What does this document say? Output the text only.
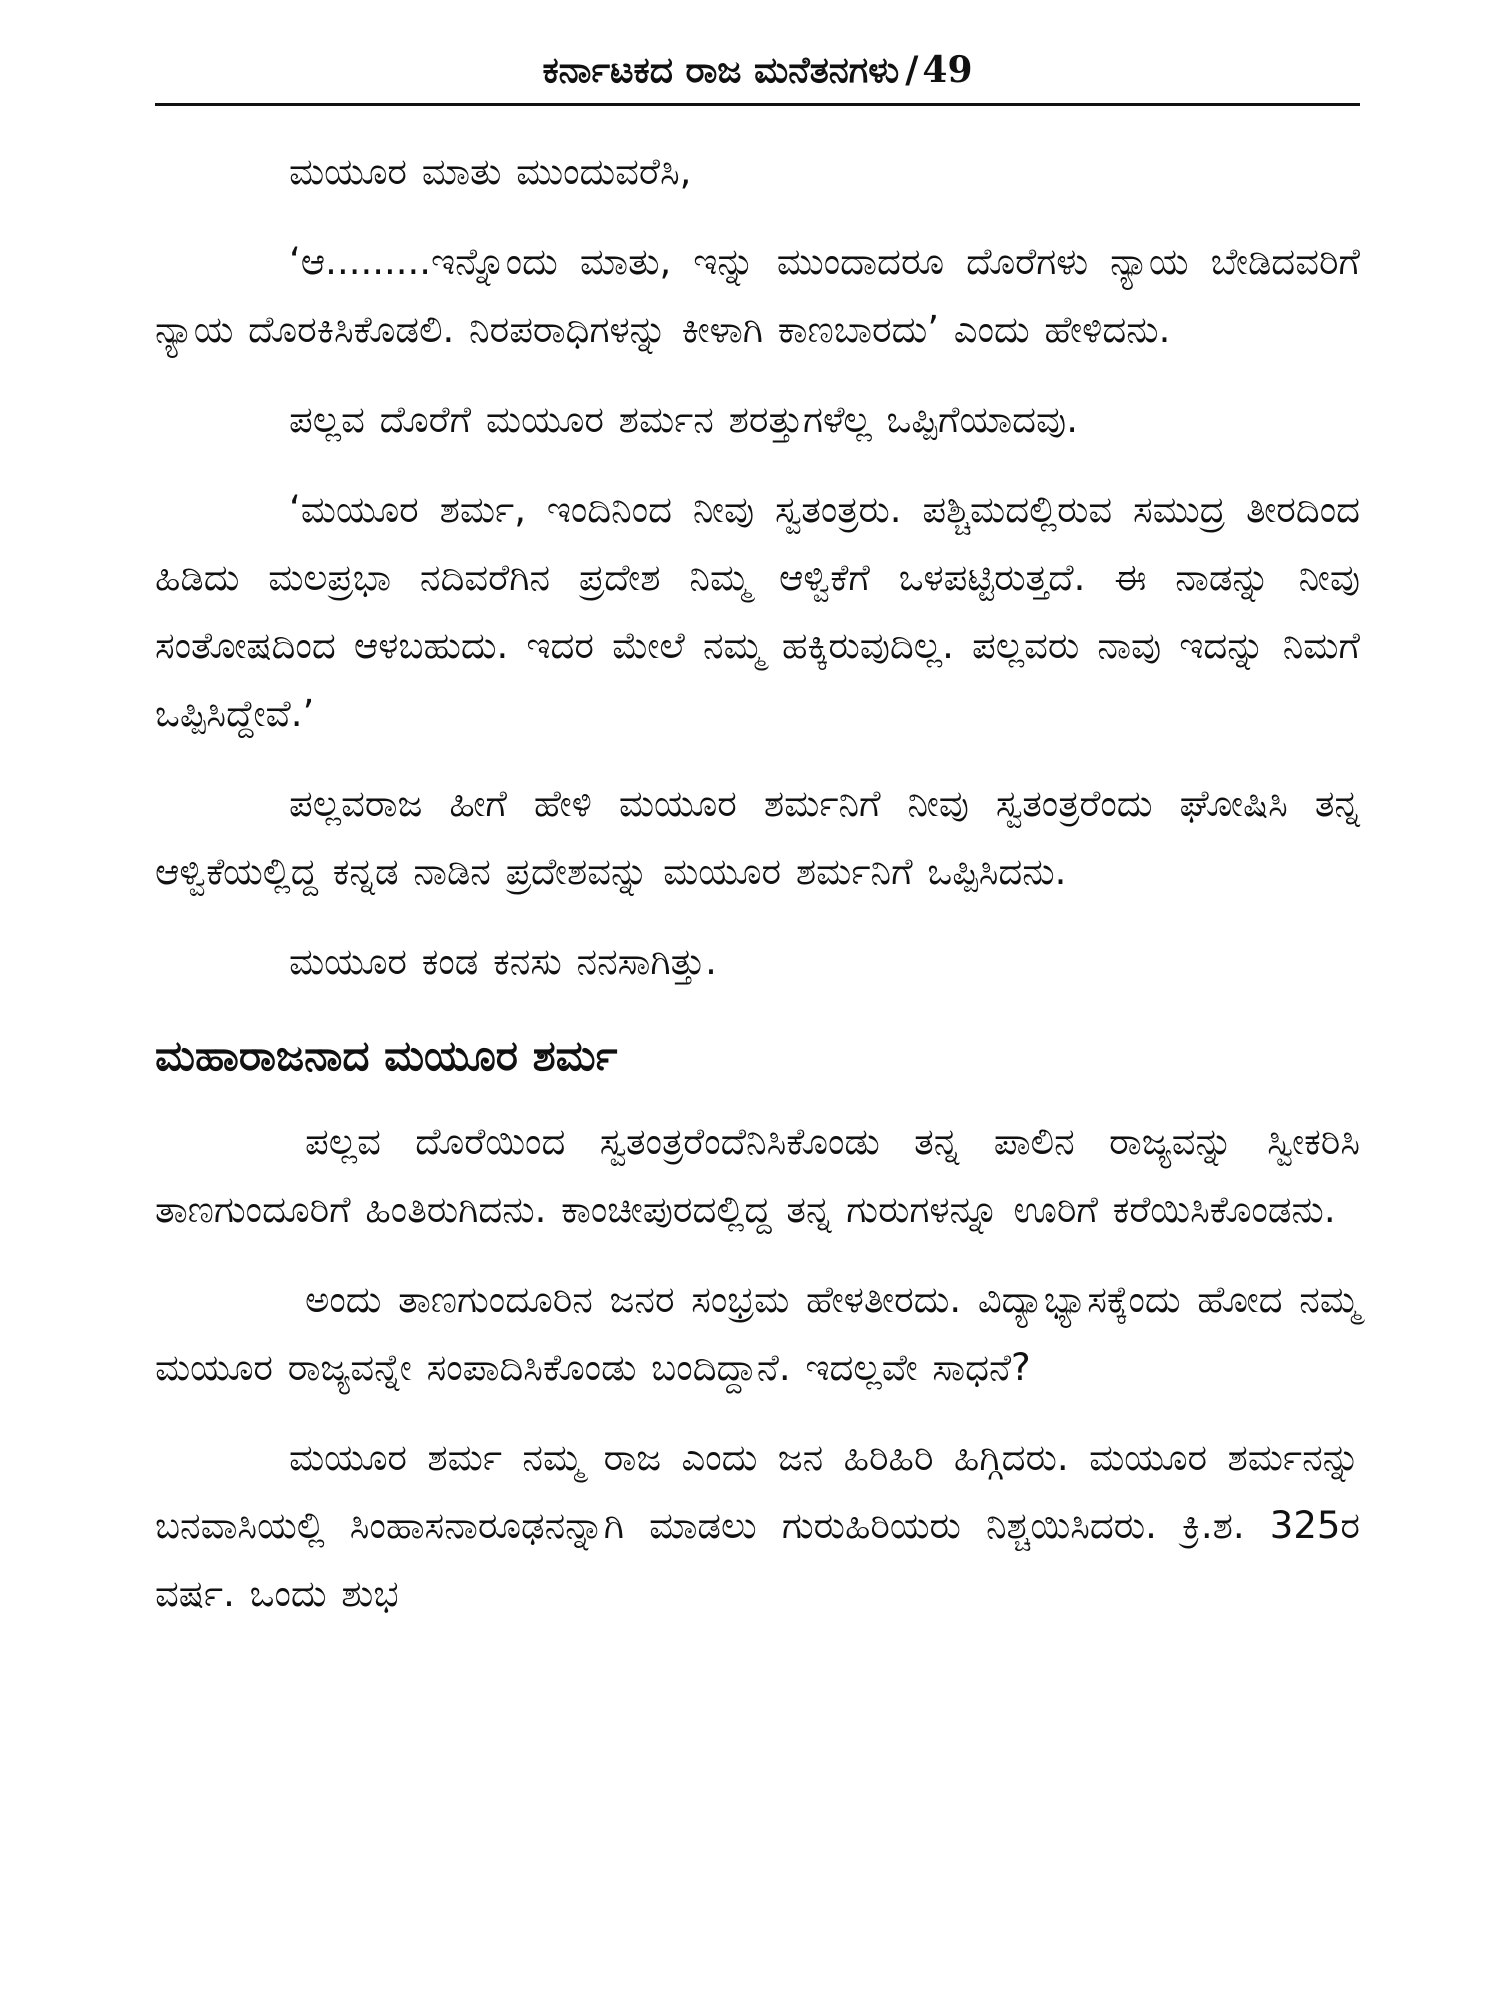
ಕರ್ನಾಟಕದ ರಾಜ ಮನೆತನಗಳು / 49

ಮಯೂರ ಮಾತು ಮುಂದುವರೆಸಿ,

‘ಆ.........ಇನ್ನೊಂದು ಮಾತು, ಇನ್ನು ಮುಂದಾದರೂ ದೊರೆಗಳು ನ್ಯಾಯ ಬೇಡಿದವರಿಗೆ ನ್ಯಾಯ ದೊರಕಿಸಿಕೊಡಲಿ. ನಿರಪರಾಧಿಗಳನ್ನು ಕೀಳಾಗಿ ಕಾಣಬಾರದು’ ಎಂದು ಹೇಳಿದನು.

ಪಲ್ಲವ ದೊರೆಗೆ ಮಯೂರ ಶರ್ಮನ ಶರತ್ತುಗಳೆಲ್ಲ ಒಪ್ಪಿಗೆಯಾದವು.

‘ಮಯೂರ ಶರ್ಮ, ಇಂದಿನಿಂದ ನೀವು ಸ್ವತಂತ್ರರು. ಪಶ್ಚಿಮದಲ್ಲಿರುವ ಸಮುದ್ರ ತೀರದಿಂದ ಹಿಡಿದು ಮಲಪ್ರಭಾ ನದಿವರೆಗಿನ ಪ್ರದೇಶ ನಿಮ್ಮ ಆಳ್ವಿಕೆಗೆ ಒಳಪಟ್ಟಿರುತ್ತದೆ. ಈ ನಾಡನ್ನು ನೀವು ಸಂತೋಷದಿಂದ ಆಳಬಹುದು. ಇದರ ಮೇಲೆ ನಮ್ಮ ಹಕ್ಕಿರುವುದಿಲ್ಲ. ಪಲ್ಲವರು ನಾವು ಇದನ್ನು ನಿಮಗೆ ಒಪ್ಪಿಸಿದ್ದೇವೆ.’

ಪಲ್ಲವರಾಜ ಹೀಗೆ ಹೇಳಿ ಮಯೂರ ಶರ್ಮನಿಗೆ ನೀವು ಸ್ವತಂತ್ರರೆಂದು ಘೋಷಿಸಿ ತನ್ನ ಆಳ್ವಿಕೆಯಲ್ಲಿದ್ದ ಕನ್ನಡ ನಾಡಿನ ಪ್ರದೇಶವನ್ನು ಮಯೂರ ಶರ್ಮನಿಗೆ ಒಪ್ಪಿಸಿದನು.

ಮಯೂರ ಕಂಡ ಕನಸು ನನಸಾಗಿತ್ತು.

ಮಹಾರಾಜನಾದ ಮಯೂರ ಶರ್ಮ

ಪಲ್ಲವ ದೊರೆಯಿಂದ ಸ್ವತಂತ್ರರೆಂದೆನಿಸಿಕೊಂಡು ತನ್ನ ಪಾಲಿನ ರಾಜ್ಯವನ್ನು ಸ್ವೀಕರಿಸಿ ತಾಣಗುಂದೂರಿಗೆ ಹಿಂತಿರುಗಿದನು. ಕಾಂಚೀಪುರದಲ್ಲಿದ್ದ ತನ್ನ ಗುರುಗಳನ್ನೂ ಊರಿಗೆ ಕರೆಯಿಸಿಕೊಂಡನು.

ಅಂದು ತಾಣಗುಂದೂರಿನ ಜನರ ಸಂಭ್ರಮ ಹೇಳತೀರದು. ವಿದ್ಯಾಭ್ಯಾಸಕ್ಕೆಂದು ಹೋದ ನಮ್ಮ ಮಯೂರ ರಾಜ್ಯವನ್ನೇ ಸಂಪಾದಿಸಿಕೊಂಡು ಬಂದಿದ್ದಾನೆ. ಇದಲ್ಲವೇ ಸಾಧನೆ?

ಮಯೂರ ಶರ್ಮ ನಮ್ಮ ರಾಜ ಎಂದು ಜನ ಹಿರಿಹಿರಿ ಹಿಗ್ಗಿದರು. ಮಯೂರ ಶರ್ಮನನ್ನು ಬನವಾಸಿಯಲ್ಲಿ ಸಿಂಹಾಸನಾರೂಢನನ್ನಾಗಿ ಮಾಡಲು ಗುರುಹಿರಿಯರು ನಿಶ್ಚಯಿಸಿದರು. ಕ್ರಿ.ಶ. 325ರ ವರ್ಷ. ಒಂದು ಶುಭ
